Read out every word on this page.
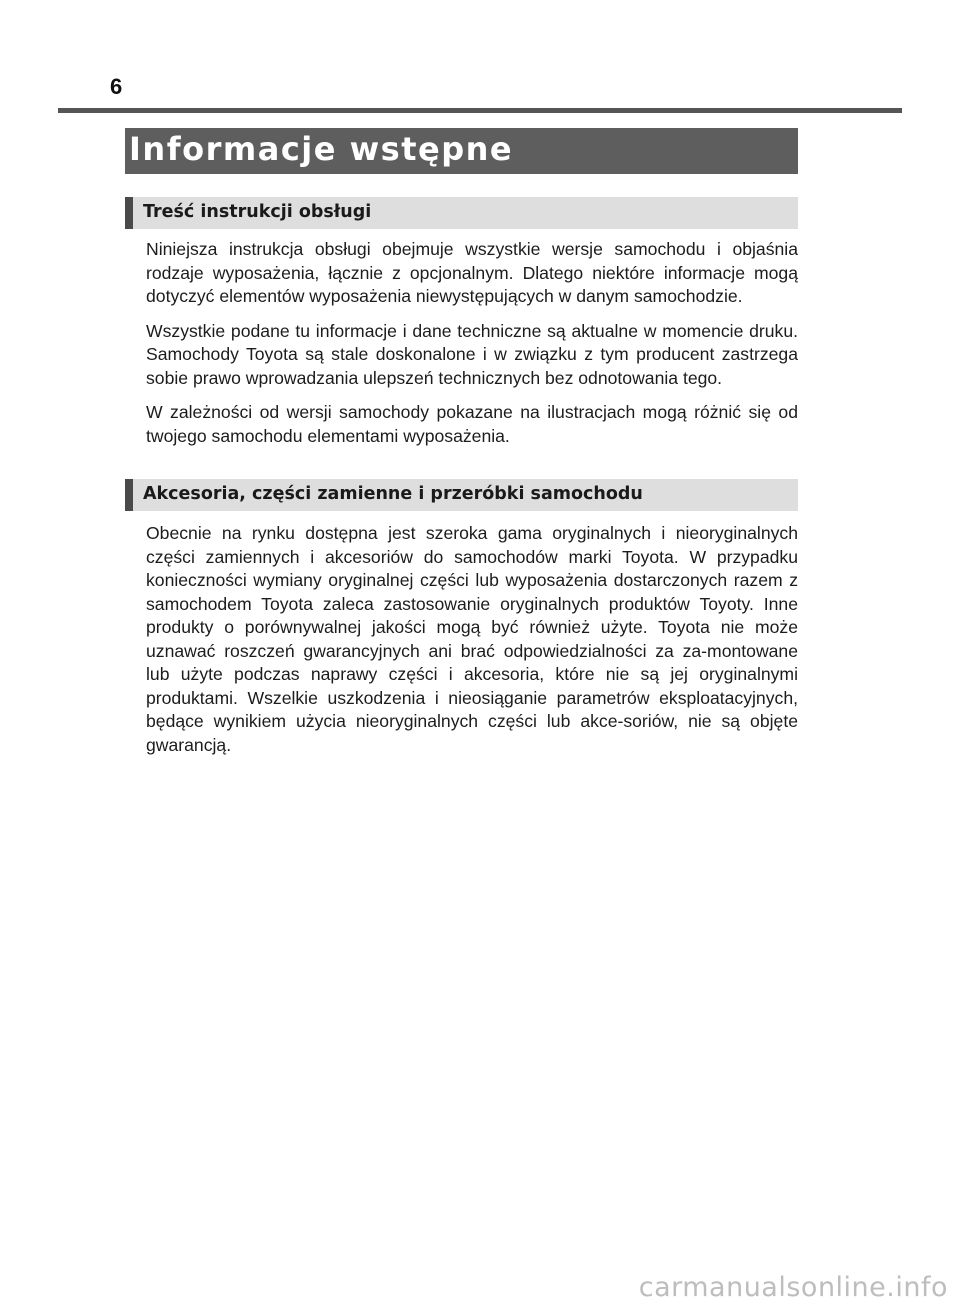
6
Informacje wstępne
Treść instrukcji obsługi

Niniejsza instrukcja obsługi obejmuje wszystkie wersje samochodu i objaśnia rodzaje wyposażenia, łącznie z opcjonalnym. Dlatego niektóre informacje mogą dotyczyć elementów wyposażenia niewystępujących w danym samochodzie.

Wszystkie podane tu informacje i dane techniczne są aktualne w momencie druku. Samochody Toyota są stale doskonalone i w związku z tym producent zastrzega sobie prawo wprowadzania ulepszeń technicznych bez odnotowania tego.

W zależności od wersji samochody pokazane na ilustracjach mogą różnić się od twojego samochodu elementami wyposażenia.

Akcesoria, części zamienne i przeróbki samochodu

Obecnie na rynku dostępna jest szeroka gama oryginalnych i nieoryginalnych części zamiennych i akcesoriów do samochodów marki Toyota. W przypadku konieczności wymiany oryginalnej części lub wyposażenia dostarczonych razem z samochodem Toyota zaleca zastosowanie oryginalnych produktów Toyoty. Inne produkty o porównywalnej jakości mogą być również użyte. Toyota nie może uznawać roszczeń gwarancyjnych ani brać odpowiedzialności za za-montowane lub użyte podczas naprawy części i akcesoria, które nie są jej oryginalnymi produktami. Wszelkie uszkodzenia i nieosiąganie parametrów eksploatacyjnych, będące wynikiem użycia nieoryginalnych części lub akce-soriów, nie są objęte gwarancją.

carmanualsonline.info
